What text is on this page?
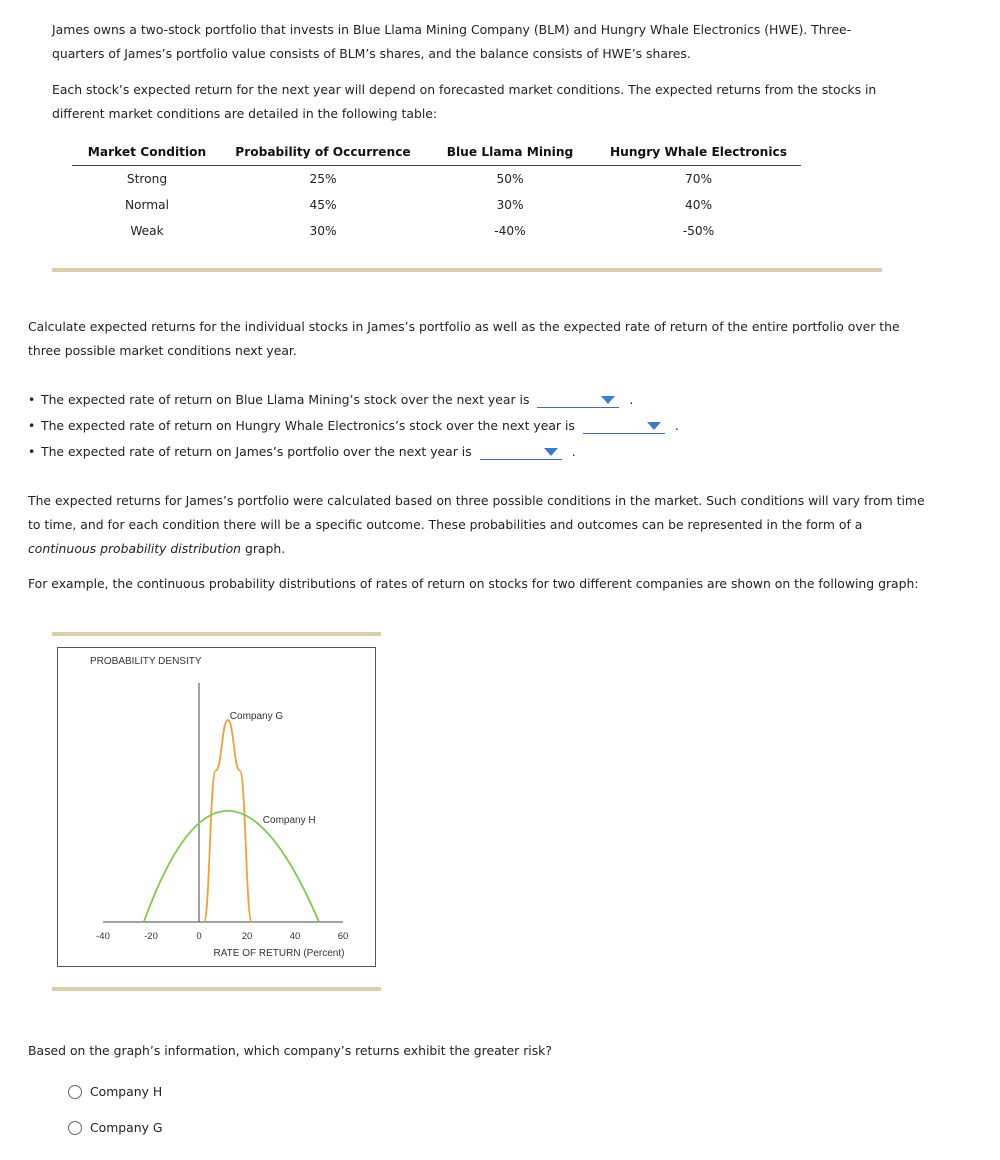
James owns a two-stock portfolio that invests in Blue Llama Mining Company (BLM) and Hungry Whale Electronics (HWE). Three-quarters of James’s portfolio value consists of BLM’s shares, and the balance consists of HWE’s shares.

Each stock’s expected return for the next year will depend on forecasted market conditions. The expected returns from the stocks in different market conditions are detailed in the following table:

Market Condition	Probability of Occurrence	Blue Llama Mining	Hungry Whale Electronics
Strong	25%	50%	70%
Normal	45%	30%	40%
Weak	30%	-40%	-50%

Calculate expected returns for the individual stocks in James’s portfolio as well as the expected rate of return of the entire portfolio over the three possible market conditions next year.

• The expected rate of return on Blue Llama Mining’s stock over the next year is	.
• The expected rate of return on Hungry Whale Electronics’s stock over the next year is	.
• The expected rate of return on James’s portfolio over the next year is	.

The expected returns for James’s portfolio were calculated based on three possible conditions in the market. Such conditions will vary from time to time, and for each condition there will be a specific outcome. These probabilities and outcomes can be represented in the form of a continuous probability distribution graph.

For example, the continuous probability distributions of rates of return on stocks for two different companies are shown on the following graph:

PROBABILITY DENSITY
-40	-20	0	20	40	60
Company G
Company H
RATE OF RETURN (Percent)

Based on the graph’s information, which company’s returns exhibit the greater risk?

Company H
Company G
